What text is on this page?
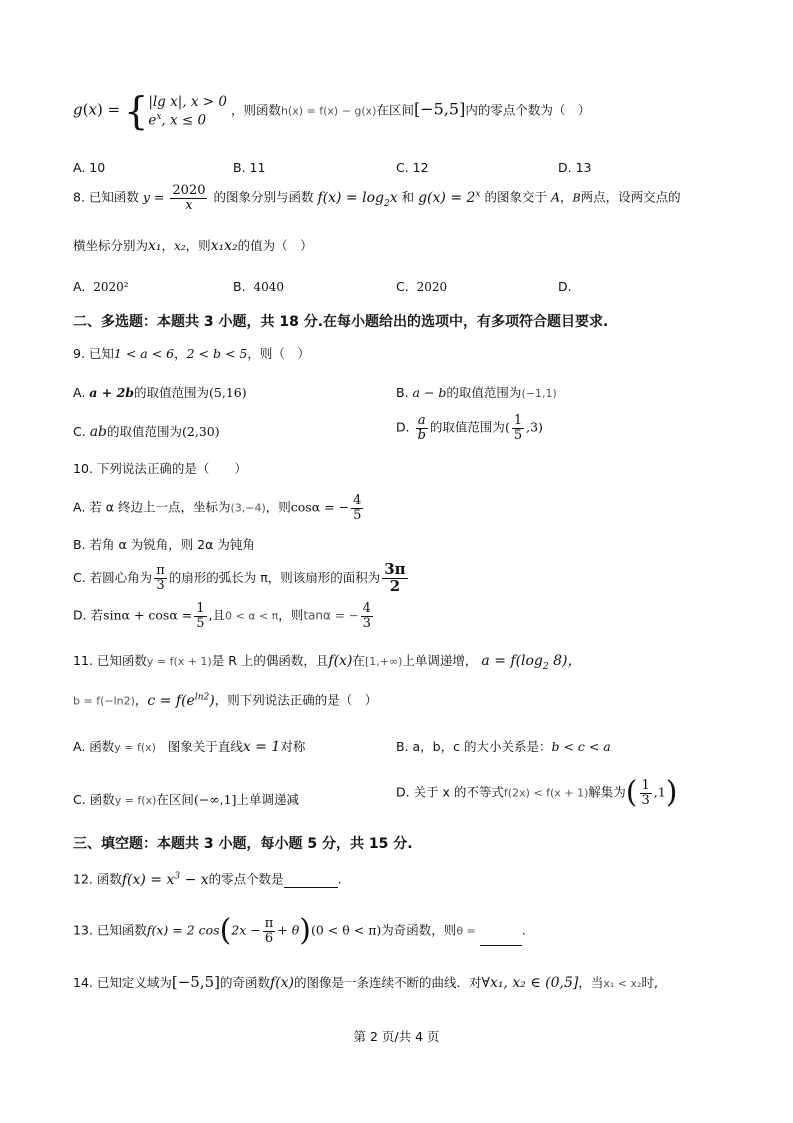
g(x) = { |lg x|, x > 0
$e^x$, x ≤ 0
，则函数h(x) = f(x) − g(x)在区间[−5,5]内的零点个数为（　）
A. 10	B. 11	C. 12	D. 13
8. 已知函数 $y = \frac{2020}{x}$ 的图象分别与函数 $f(x) = \log_2x$ 和 $g(x) = 2^x$ 的图象交于 A，B两点，设两交点的
横坐标分别为x₁，x₂，则x₁x₂的值为（　）
A. 2020²	B. 4040	C. 2020	D.
二、多选题：本题共 3 小题，共 18 分.在每小题给出的选项中，有多项符合题目要求.
9. 已知1 < a < 6，2 < b < 5，则（　）
A. a + 2b的取值范围为(5,16)	B. a − b的取值范围为(−1,1)
C. ab的取值范围为(2,30)	D. $\frac{a}{b}$ 的取值范围为( $\frac{1}{5} ,3$)
10. 下列说法正确的是（　　）
A. 若 α 终边上一点，坐标为(3,−4)，则cosα = − $\frac{4}{5}$
B. 若角 α 为锐角，则 2α 为钝角
C. 若圆心角为 $\frac{\pi}{3}$ 的扇形的弧长为 π，则该扇形的面积为 $\frac{3\pi}{2}$
D. 若$\sin\alpha + \cos\alpha = \frac{1}{5}$ ,且0 < α < π，则tanα = − $\frac{4}{3}$
11. 已知函数y = f(x + 1)是 R 上的偶函数，且f(x)在[1,+∞)上单调递增， $a = f(\log_2$ 8)，
b = f(−ln2)，$c = f(e^{ln2})$，则下列说法正确的是（　）
A. 函数y = f(x) 图象关于直线x = 1对称	B. a，b，c 的大小关系是：b < c < a
C. 函数y = f(x)在区间(−∞,1]上单调递减	D. 关于 x 的不等式f(2x) < f(x + 1)解集为( $\frac{1}{3} ,1$)
三、填空题：本题共 3 小题，每小题 5 分，共 15 分.
12. 函数$f(x) = x^3 - x$的零点个数是	.
13. 已知函数f(x) = 2 $\cos(2x - \frac{\pi}{6} + \theta)(0 < \theta < \pi)$为奇函数，则θ =	.
14. 已知定义域为[−5,5]的奇函数f(x)的图像是一条连续不断的曲线．对∀x₁, x₂ ∈ (0,5]，当x₁ < x₂时,
第 2 页/共 4 页
